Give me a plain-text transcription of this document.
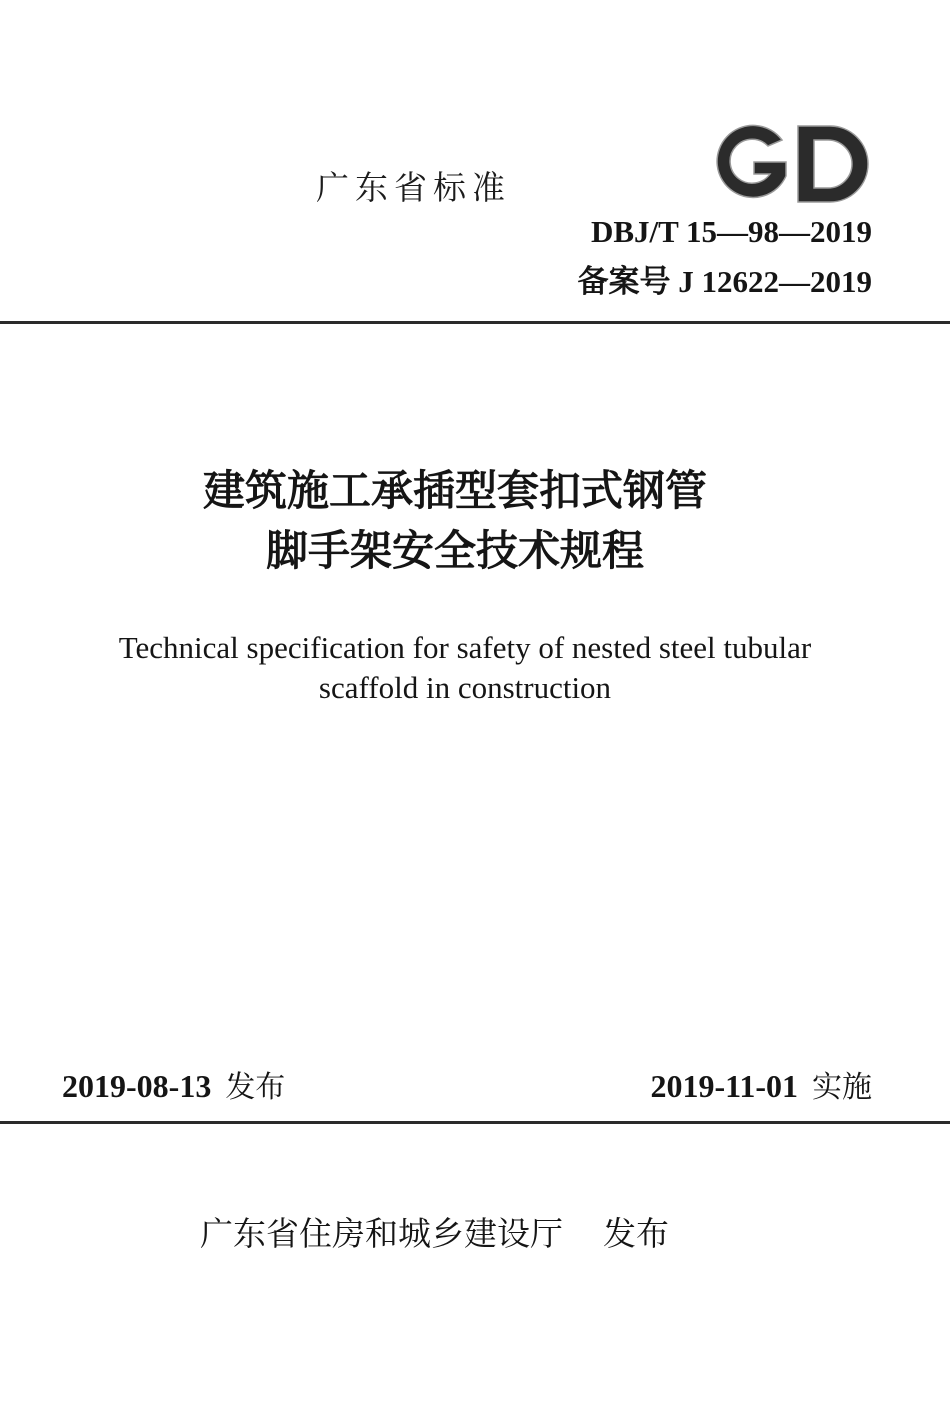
广东省标准
DBJ/T 15—98—2019
备案号 J 12622—2019
建筑施工承插型套扣式钢管
脚手架安全技术规程
Technical specification for safety of nested steel tubular
scaffold in construction
2019-08-13 发布	2019-11-01 实施
广东省住房和城乡建设厅 发布
